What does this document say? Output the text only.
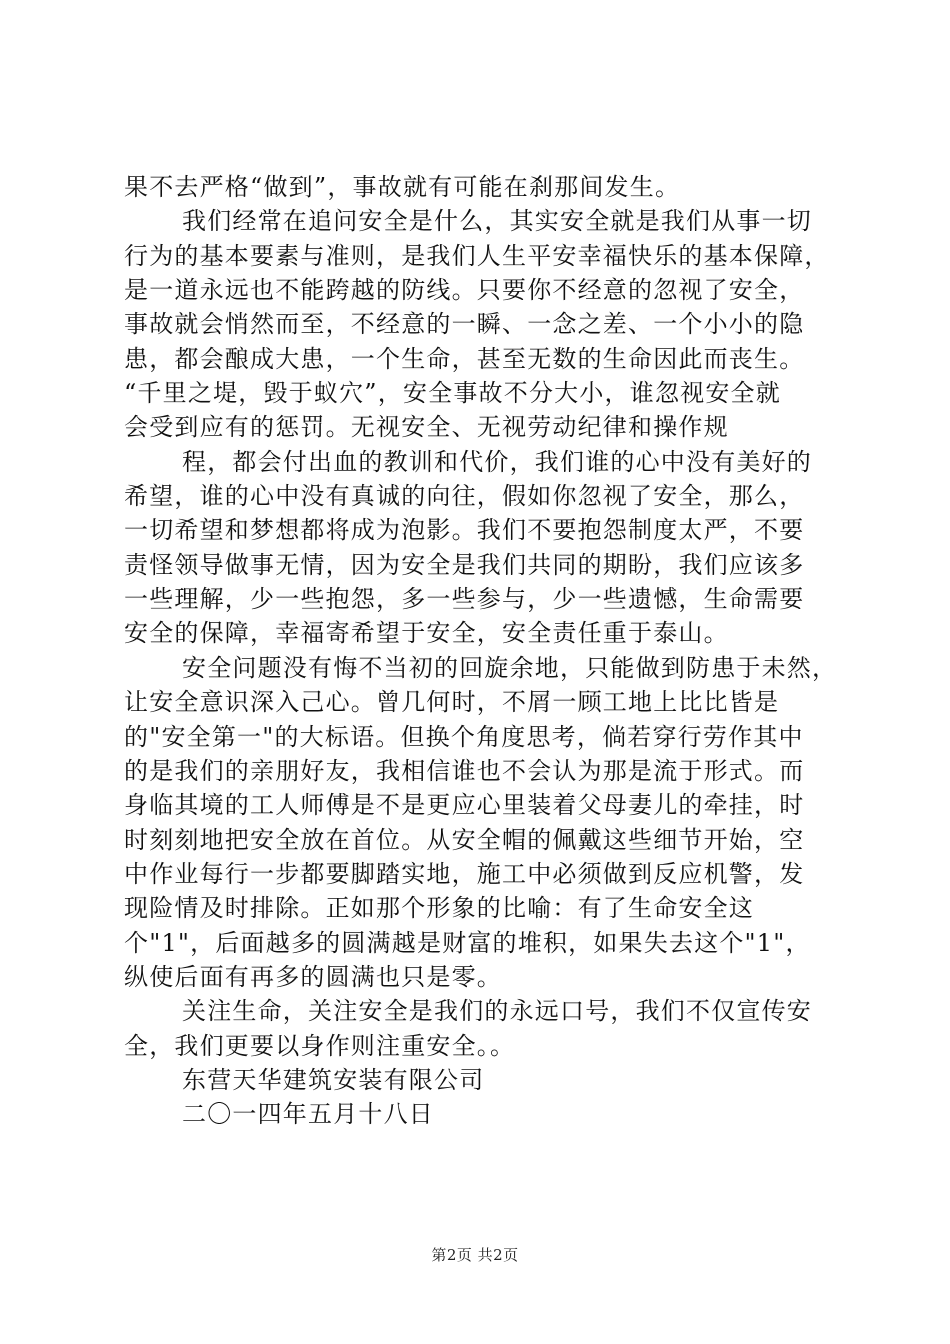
果不去严格“做到”，事故就有可能在刹那间发生。
我们经常在追问安全是什么，其实安全就是我们从事一切
行为的基本要素与准则，是我们人生平安幸福快乐的基本保障，
是一道永远也不能跨越的防线。只要你不经意的忽视了安全，
事故就会悄然而至，不经意的一瞬、一念之差、一个小小的隐
患，都会酿成大患，一个生命，甚至无数的生命因此而丧生。
“千里之堤，毁于蚁穴”，安全事故不分大小，谁忽视安全就
会受到应有的惩罚。无视安全、无视劳动纪律和操作规
程，都会付出血的教训和代价，我们谁的心中没有美好的
希望，谁的心中没有真诚的向往，假如你忽视了安全，那么，
一切希望和梦想都将成为泡影。我们不要抱怨制度太严，不要
责怪领导做事无情，因为安全是我们共同的期盼，我们应该多
一些理解，少一些抱怨，多一些参与，少一些遗憾，生命需要
安全的保障，幸福寄希望于安全，安全责任重于泰山。
安全问题没有悔不当初的回旋余地，只能做到防患于未然，
让安全意识深入己心。曾几何时，不屑一顾工地上比比皆是
的"安全第一"的大标语。但换个角度思考，倘若穿行劳作其中
的是我们的亲朋好友，我相信谁也不会认为那是流于形式。而
身临其境的工人师傅是不是更应心里装着父母妻儿的牵挂，时
时刻刻地把安全放在首位。从安全帽的佩戴这些细节开始，空
中作业每行一步都要脚踏实地，施工中必须做到反应机警，发
现险情及时排除。正如那个形象的比喻：有了生命安全这
个"1"，后面越多的圆满越是财富的堆积，如果失去这个"1"，
纵使后面有再多的圆满也只是零。
关注生命，关注安全是我们的永远口号，我们不仅宣传安
全，我们更要以身作则注重安全。。
东营天华建筑安装有限公司
二〇一四年五月十八日
第2页 共2页
